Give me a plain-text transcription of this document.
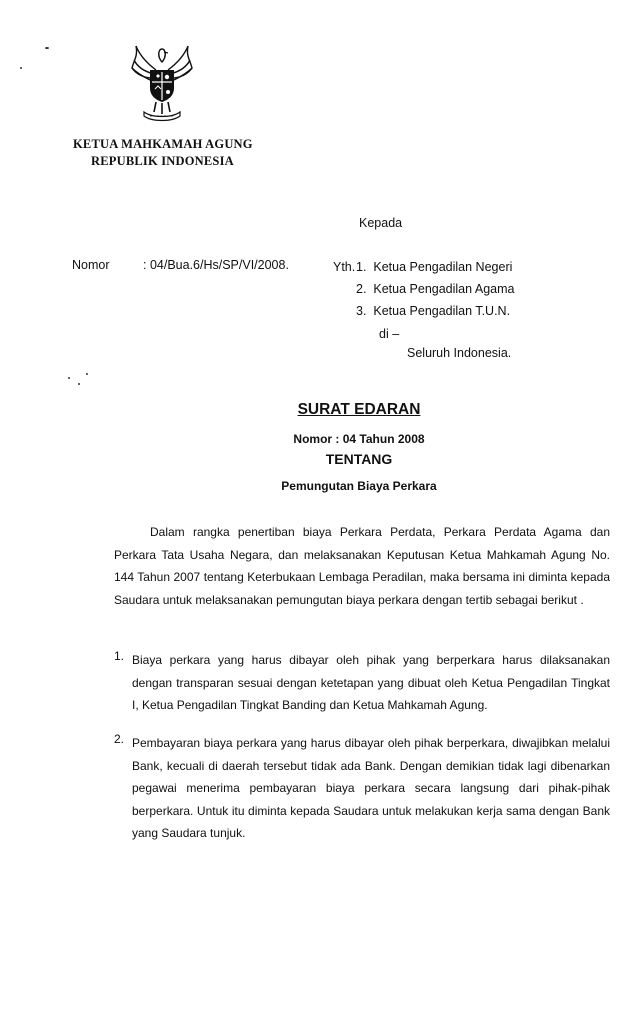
KETUA MAHKAMAH AGUNG
REPUBLIK INDONESIA
Kepada
Nomor	: 04/Bua.6/Hs/SP/VI/2008.	Yth. 1. Ketua Pengadilan Negeri
2. Ketua Pengadilan Agama
3. Ketua Pengadilan T.U.N.
di –
Seluruh Indonesia.
SURAT EDARAN
Nomor : 04 Tahun 2008
TENTANG
Pemungutan Biaya Perkara
Dalam rangka penertiban biaya Perkara Perdata, Perkara Perdata Agama dan Perkara Tata Usaha Negara, dan melaksanakan Keputusan Ketua Mahkamah Agung No. 144 Tahun 2007 tentang Keterbukaan Lembaga Peradilan, maka bersama ini diminta kepada Saudara untuk melaksanakan pemungutan biaya perkara dengan tertib sebagai berikut .
1. Biaya perkara yang harus dibayar oleh pihak yang berperkara harus dilaksanakan dengan transparan sesuai dengan ketetapan yang dibuat oleh Ketua Pengadilan Tingkat I, Ketua Pengadilan Tingkat Banding dan Ketua Mahkamah Agung.
2. Pembayaran biaya perkara yang harus dibayar oleh pihak berperkara, diwajibkan melalui Bank, kecuali di daerah tersebut tidak ada Bank. Dengan demikian tidak lagi dibenarkan pegawai menerima pembayaran biaya perkara secara langsung dari pihak-pihak berperkara. Untuk itu diminta kepada Saudara untuk melakukan kerja sama dengan Bank yang Saudara tunjuk.
